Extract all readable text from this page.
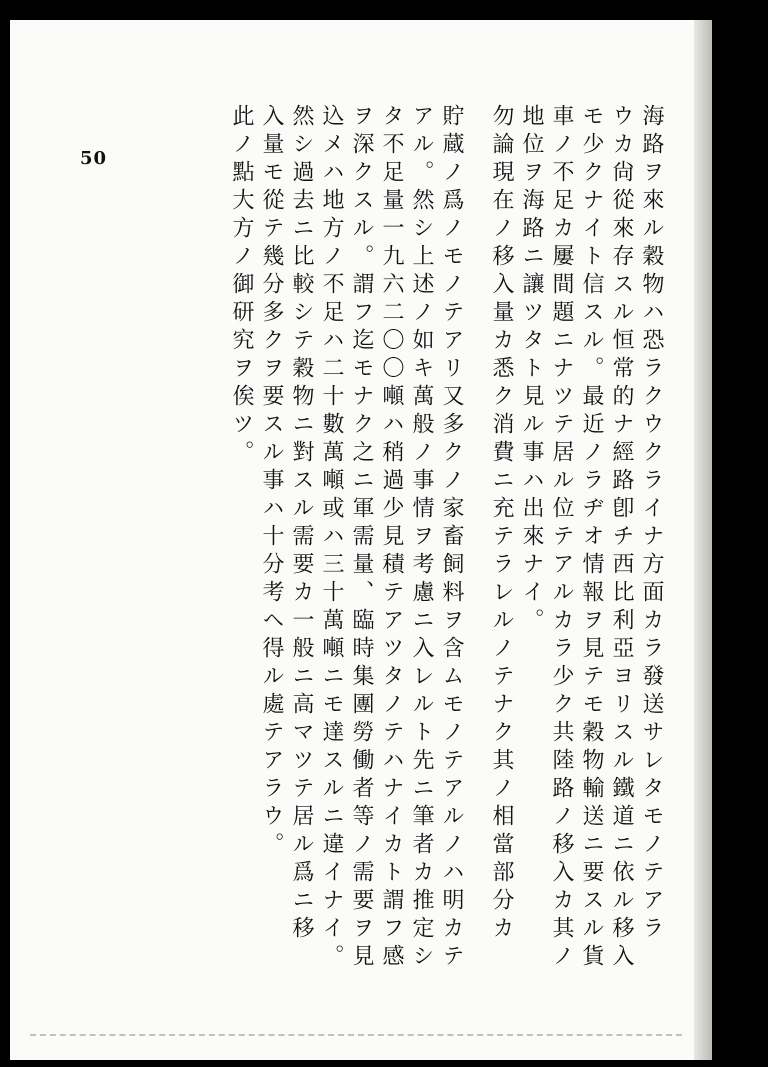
50	海路ヲ來ル穀物ハ恐ラクウクライナ方面カラ發送サレタモノテアラ
ウカ尙從來存スル恒常的ナ經路卽チ西比利亞ヨリスル鐵道ニ依ル移入
モ少クナイト信スル。最近ノラヂオ情報ヲ見テモ穀物輸送ニ要スル貨
車ノ不足カ屢間題ニナツテ居ル位テアルカラ少ク共陸路ノ移入カ其ノ
地位ヲ海路ニ讓ツタト見ル事ハ出來ナイ。
勿論現在ノ移入量カ悉ク消費ニ充テラレルノテナク其ノ相當部分カ
貯蔵ノ爲ノモノテアリ又多クノ家畜飼料ヲ含ムモノテアルノハ明カテ
アル。然シ上述ノ如キ萬般ノ事情ヲ考慮ニ入レルト先ニ筆者カ推定シ
タ不足量一九六二〇〇噸ハ稍過少見積テアツタノテハナイカト謂フ感
ヲ深クスル。謂フ迄モナク之ニ軍需量、臨時集團勞働者等ノ需要ヲ見
込メハ地方ノ不足ハ二十數萬噸或ハ三十萬噸ニモ達スルニ違イナイ。
然シ過去ニ比較シテ穀物ニ對スル需要カ一般ニ高マツテ居ル爲ニ移
入量モ從テ幾分多クヲ要スル事ハ十分考ヘ得ル處テアラウ。
此ノ點大方ノ御研究ヲ俟ツ。
